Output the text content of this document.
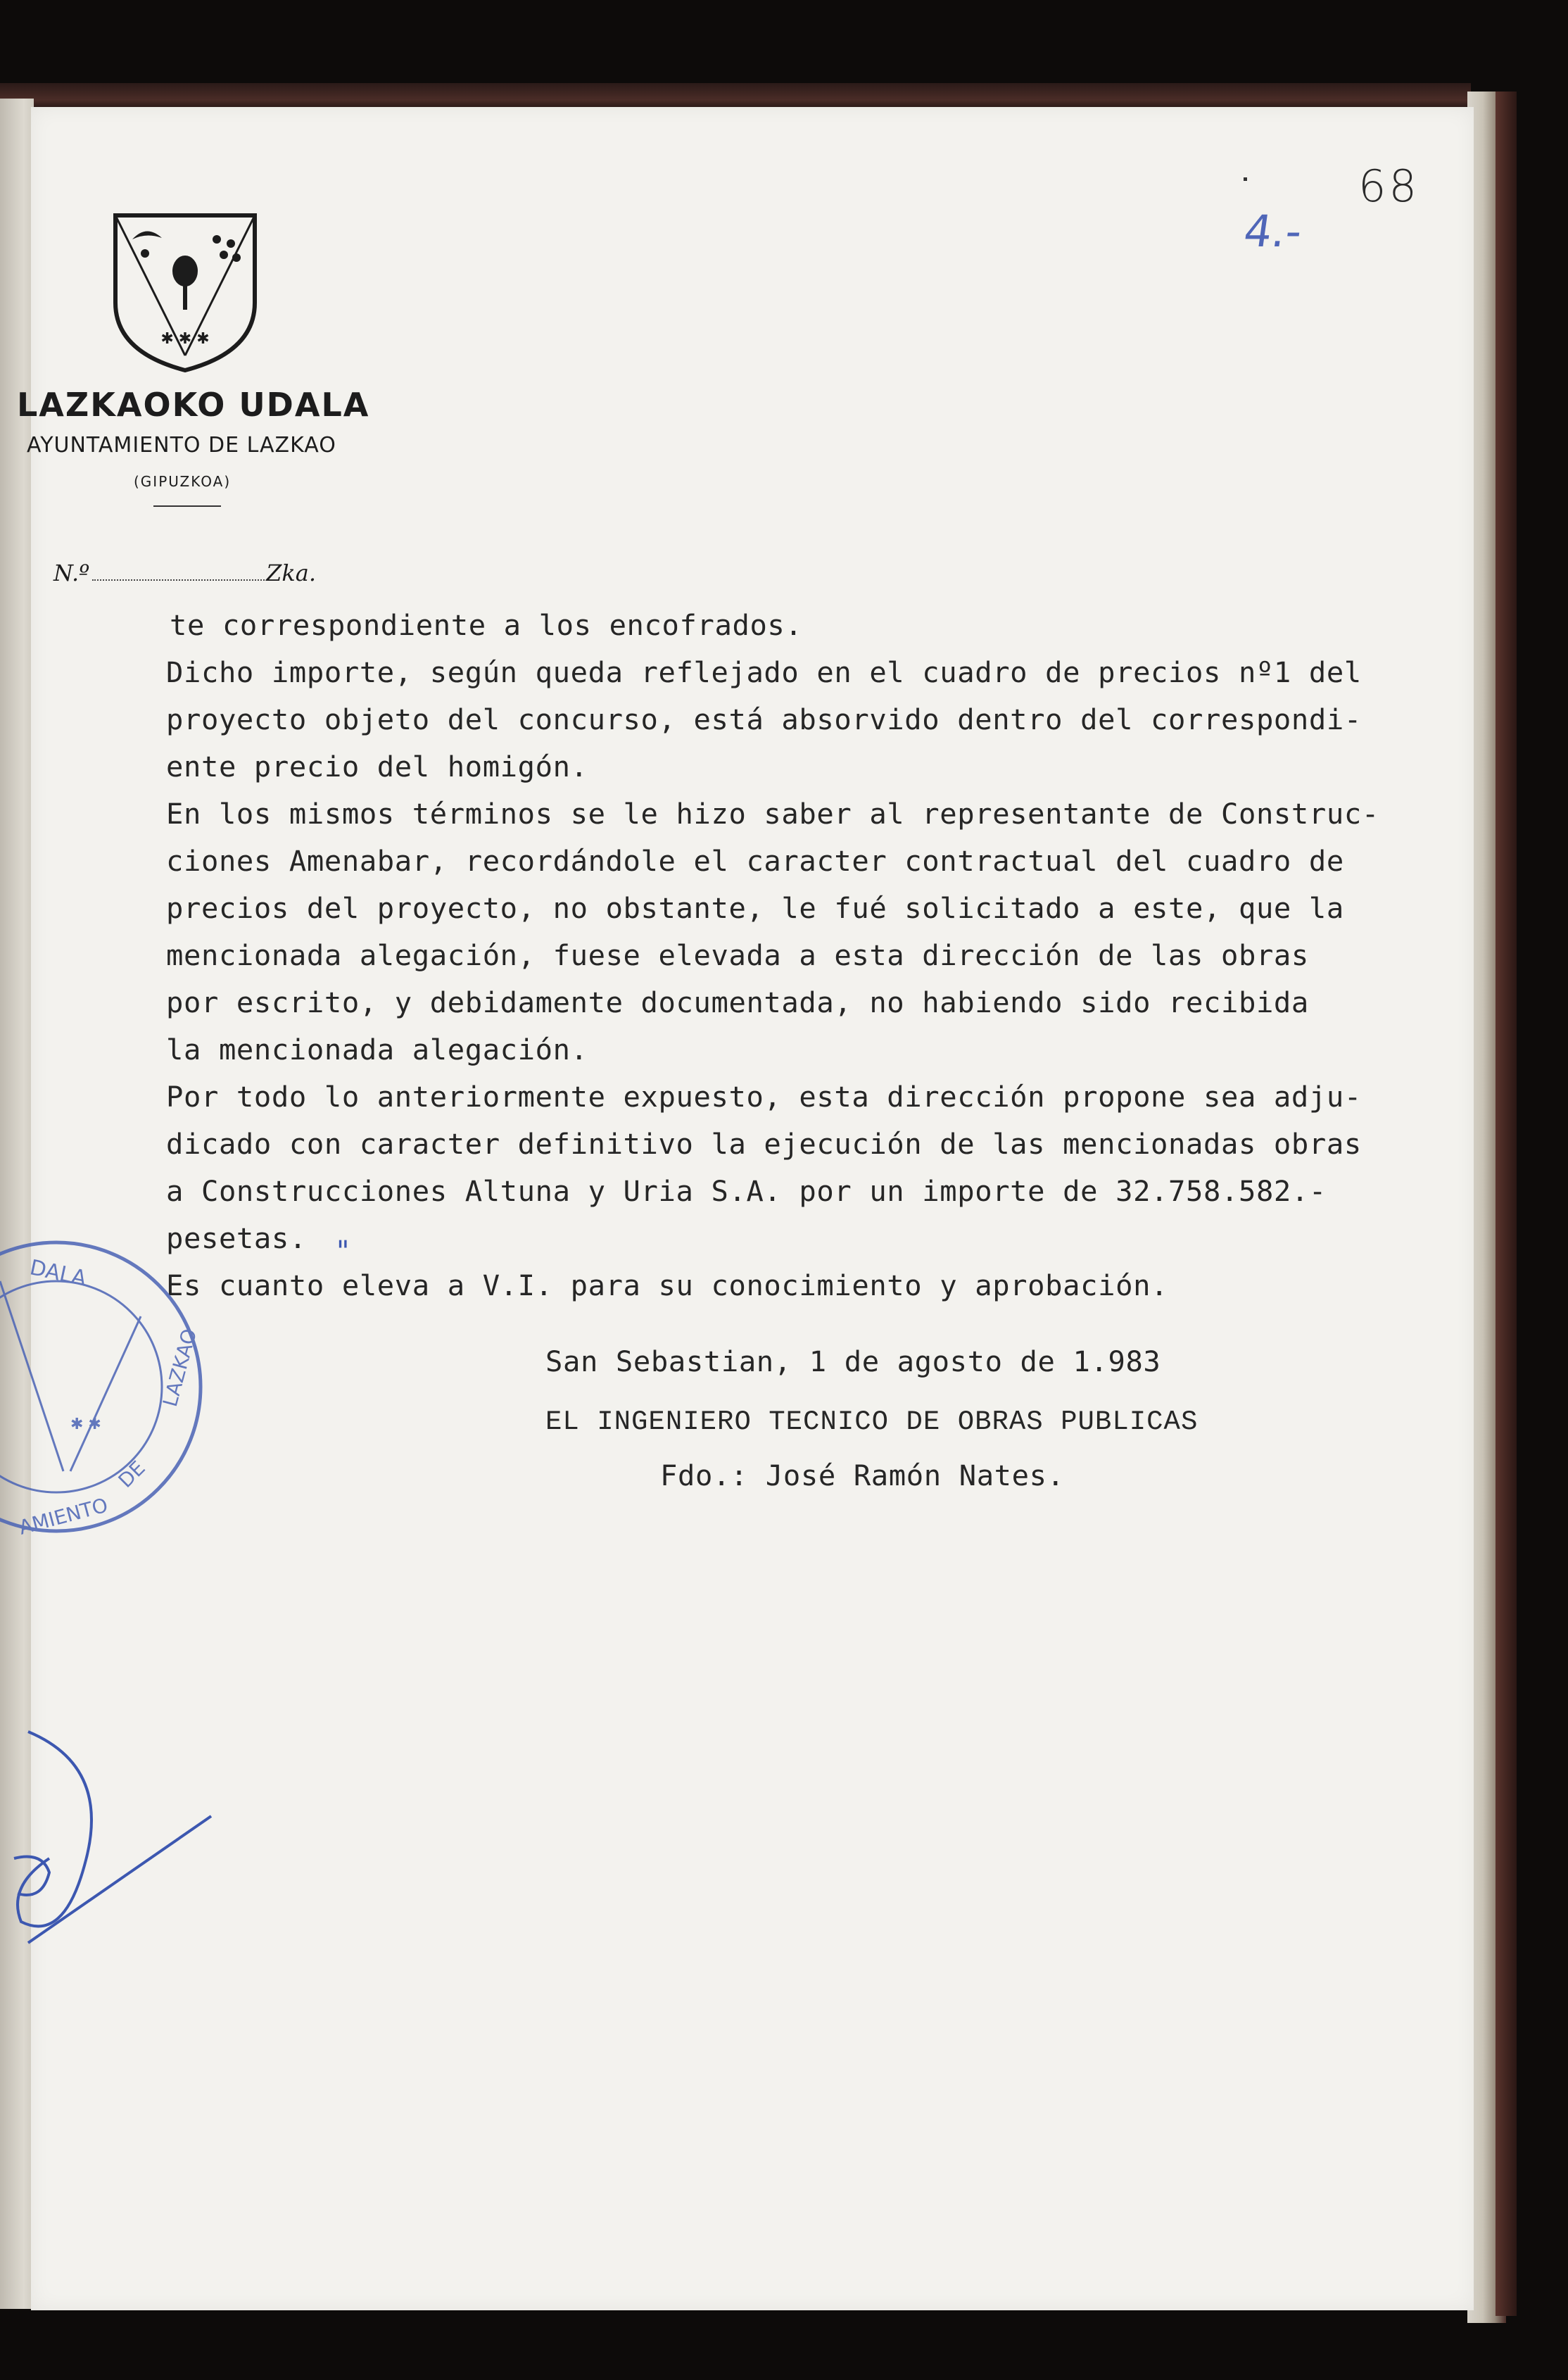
✱ ✱ ✱
LAZKAOKO UDALA
AYUNTAMIENTO DE LAZKAO
(GIPUZKOA)
N.º	Zka.
68
4.-
te correspondiente a los encofrados.
Dicho importe, según queda reflejado en el cuadro de precios nº1 del
proyecto objeto del concurso, está absorvido dentro del correspondi-
ente precio del homigón.
En los mismos términos se le hizo saber al representante de Construc-
ciones Amenabar, recordándole el caracter contractual del cuadro de
precios del proyecto, no obstante, le fué solicitado a este, que la
mencionada alegación, fuese elevada a esta dirección de las obras
por escrito, y debidamente documentada, no habiendo sido recibida
la mencionada alegación.
Por todo lo anteriormente expuesto, esta dirección propone sea adju-
dicado con caracter definitivo la ejecución de las mencionadas obras
a Construcciones Altuna y Uria S.A. por un importe de 32.758.582.-
pesetas.
Es cuanto eleva a V.I. para su conocimiento y aprobación.
"
San Sebastian, 1 de agosto de 1.983
EL INGENIERO TECNICO DE OBRAS PUBLICAS
Fdo.: José Ramón Nates.
DALA
LAZKAO
DE
AMIENTO
✱ ✱
